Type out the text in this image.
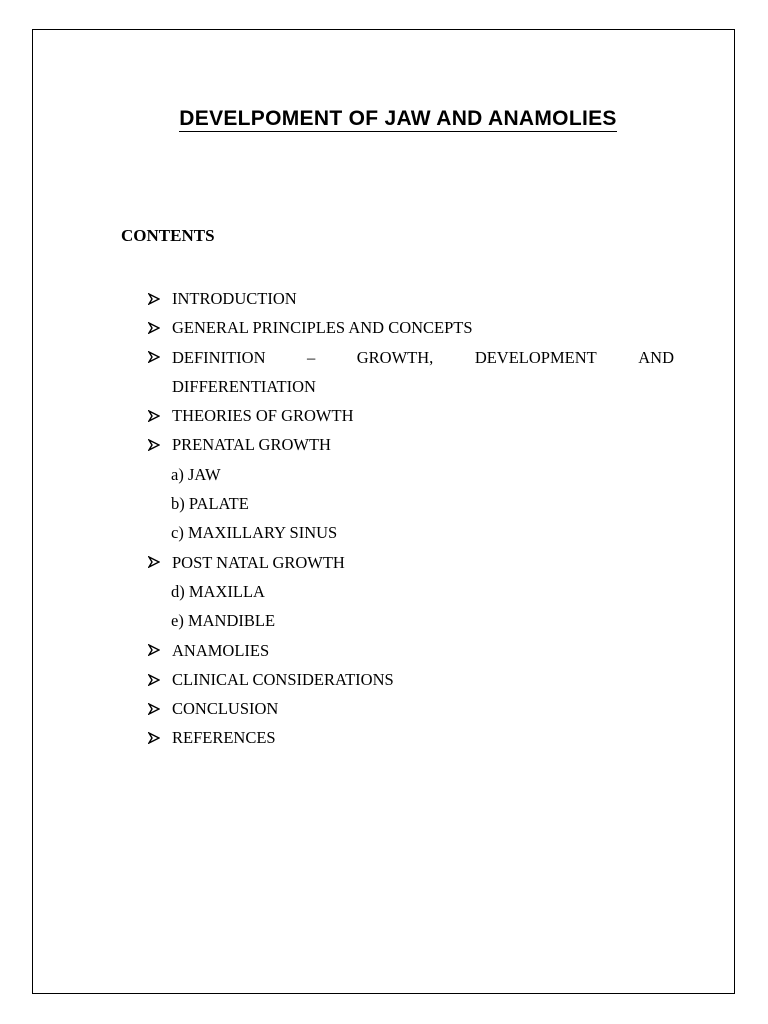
DEVELPOMENT OF JAW AND ANAMOLIES
CONTENTS
INTRODUCTION
GENERAL PRINCIPLES AND CONCEPTS
DEFINITION	–	GROWTH,	DEVELOPMENT	AND
DIFFERENTIATION
THEORIES OF GROWTH
PRENATAL GROWTH
a) JAW
b) PALATE
c) MAXILLARY SINUS
POST NATAL GROWTH
d) MAXILLA
e) MANDIBLE
ANAMOLIES
CLINICAL CONSIDERATIONS
CONCLUSION
REFERENCES
